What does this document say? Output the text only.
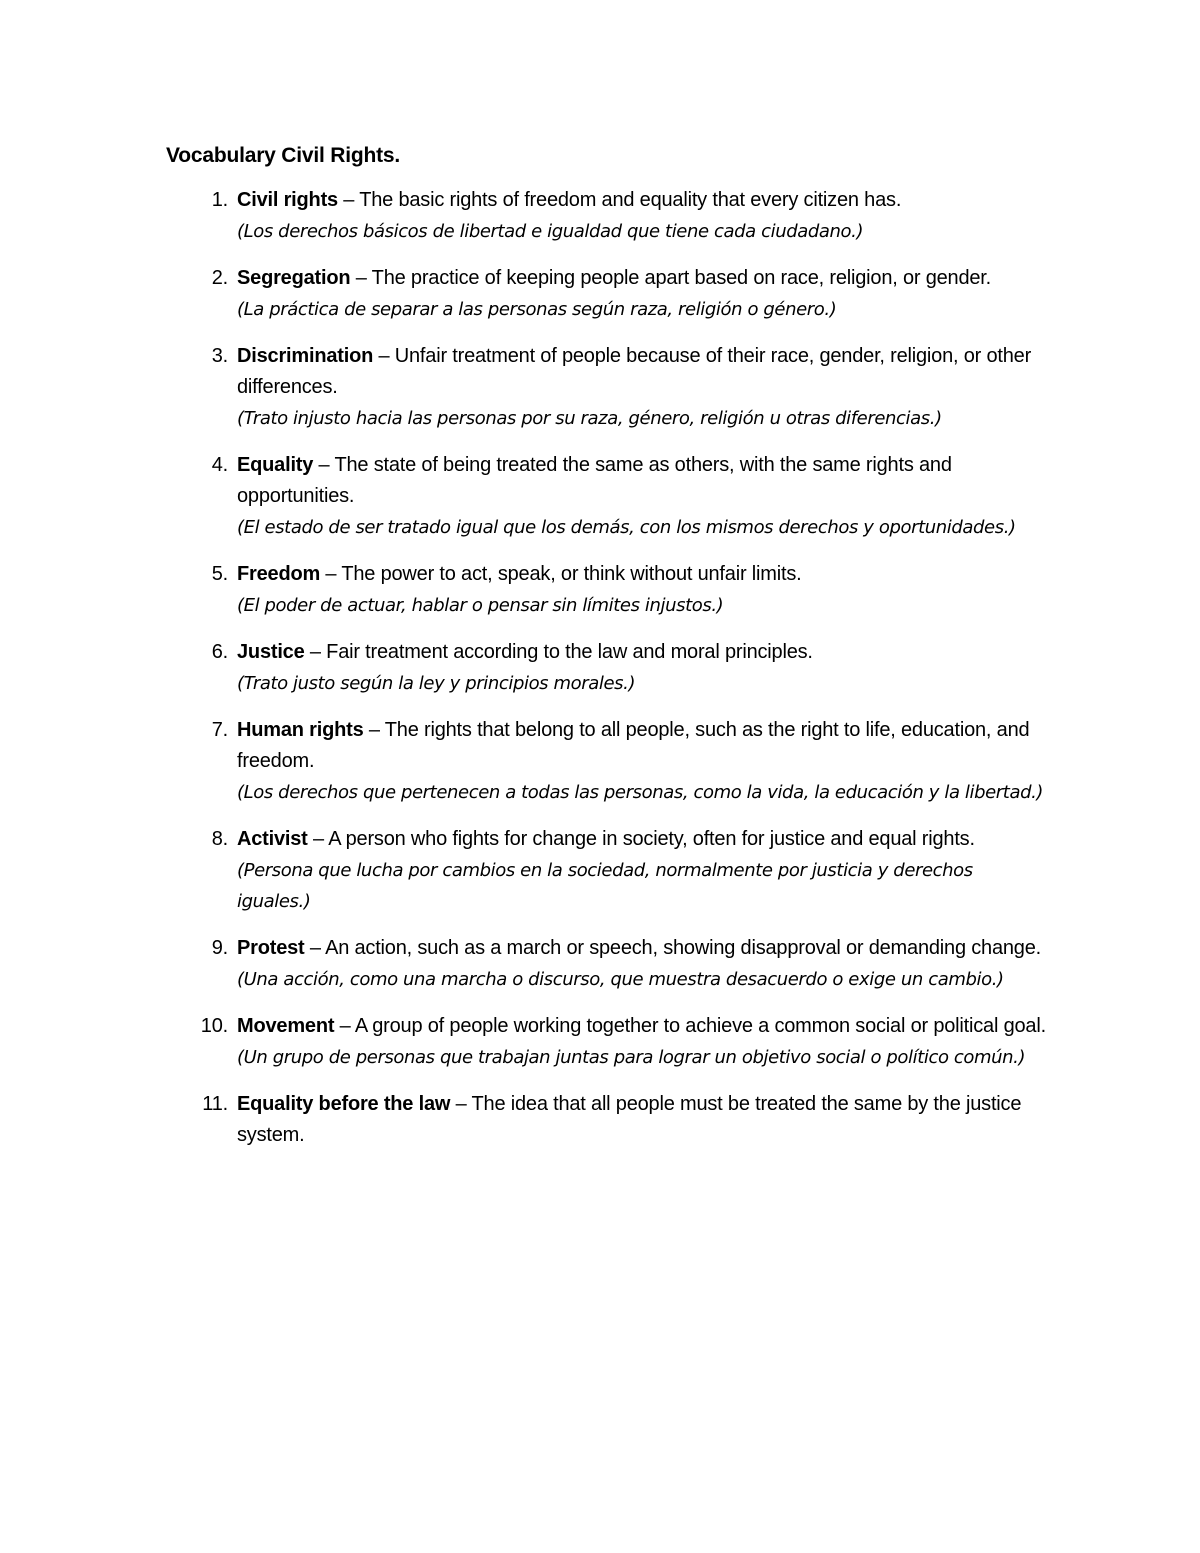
Vocabulary Civil Rights.
1. Civil rights – The basic rights of freedom and equality that every citizen has.
(Los derechos básicos de libertad e igualdad que tiene cada ciudadano.)
2. Segregation – The practice of keeping people apart based on race, religion, or gender.
(La práctica de separar a las personas según raza, religión o género.)
3. Discrimination – Unfair treatment of people because of their race, gender, religion, or other differences.
(Trato injusto hacia las personas por su raza, género, religión u otras diferencias.)
4. Equality – The state of being treated the same as others, with the same rights and opportunities.
(El estado de ser tratado igual que los demás, con los mismos derechos y oportunidades.)
5. Freedom – The power to act, speak, or think without unfair limits.
(El poder de actuar, hablar o pensar sin límites injustos.)
6. Justice – Fair treatment according to the law and moral principles.
(Trato justo según la ley y principios morales.)
7. Human rights – The rights that belong to all people, such as the right to life, education, and freedom.
(Los derechos que pertenecen a todas las personas, como la vida, la educación y la libertad.)
8. Activist – A person who fights for change in society, often for justice and equal rights.
(Persona que lucha por cambios en la sociedad, normalmente por justicia y derechos iguales.)
9. Protest – An action, such as a march or speech, showing disapproval or demanding change.
(Una acción, como una marcha o discurso, que muestra desacuerdo o exige un cambio.)
10. Movement – A group of people working together to achieve a common social or political goal.
(Un grupo de personas que trabajan juntas para lograr un objetivo social o político común.)
11. Equality before the law – The idea that all people must be treated the same by the justice system.
